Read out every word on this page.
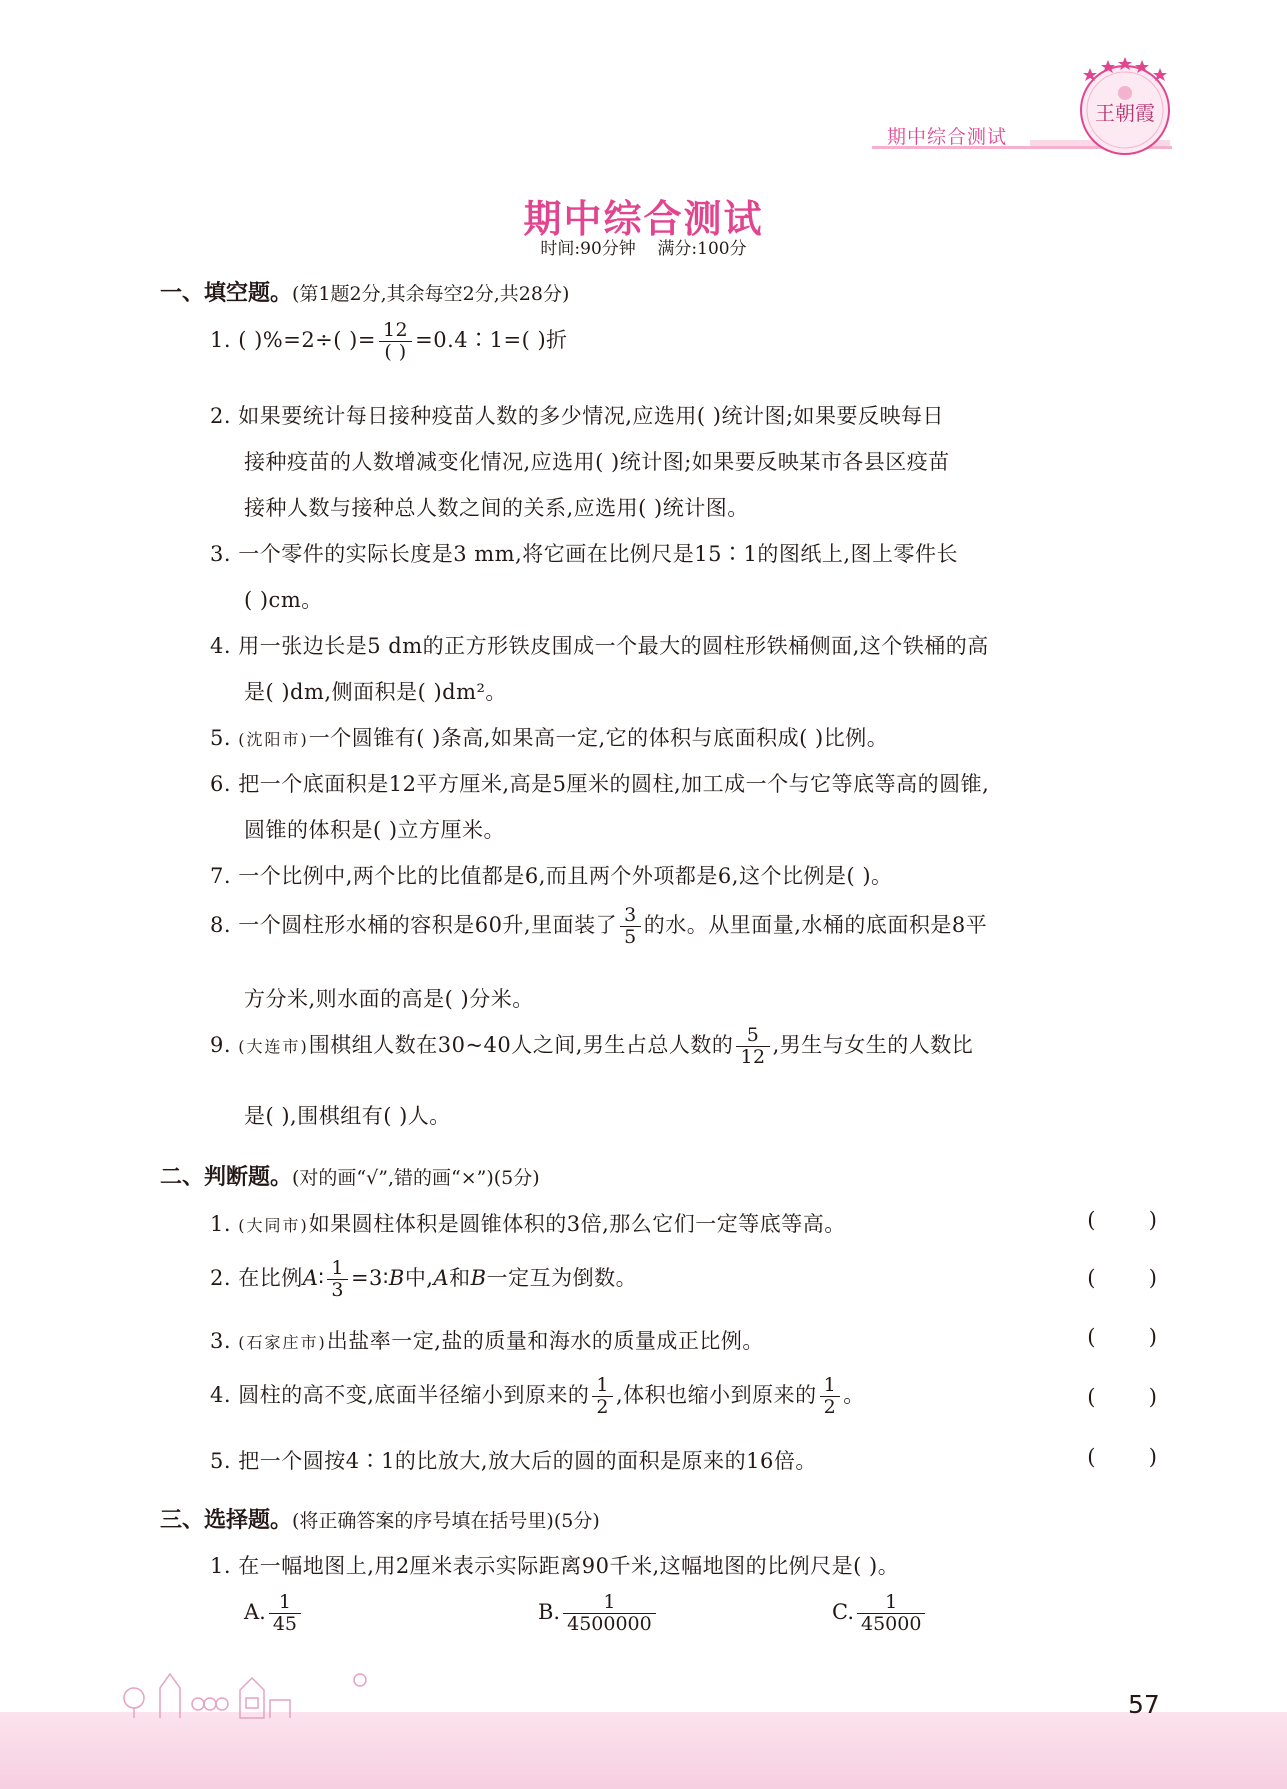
期中综合测试
王朝霞
期中综合测试
时间:90分钟    满分:100分
一、填空题。(第1题2分,其余每空2分,共28分)
1. ( )%=2÷( )= $\frac{12}{( )}$ =0.4∶1=( )折
2. 如果要统计每日接种疫苗人数的多少情况,应选用( )统计图;如果要反映每日
接种疫苗的人数增减变化情况,应选用( )统计图;如果要反映某市各县区疫苗
接种人数与接种总人数之间的关系,应选用( )统计图。
3. 一个零件的实际长度是3 mm,将它画在比例尺是15∶1的图纸上,图上零件长
( )cm。
4. 用一张边长是5 dm的正方形铁皮围成一个最大的圆柱形铁桶侧面,这个铁桶的高
是( )dm,侧面积是( )dm²。
5. (沈阳市)一个圆锥有( )条高,如果高一定,它的体积与底面积成( )比例。
6. 把一个底面积是12平方厘米,高是5厘米的圆柱,加工成一个与它等底等高的圆锥,
圆锥的体积是( )立方厘米。
7. 一个比例中,两个比的比值都是6,而且两个外项都是6,这个比例是( )。
8. 一个圆柱形水桶的容积是60升,里面装了 $\frac{3}{5}$ 的水。从里面量,水桶的底面积是8平
方分米,则水面的高是( )分米。
9. (大连市)围棋组人数在30~40人之间,男生占总人数的 $\frac{5}{12}$ ,男生与女生的人数比
是( ),围棋组有( )人。
二、判断题。(对的画“√”,错的画“×”)(5分)
1. (大同市)如果圆柱体积是圆锥体积的3倍,那么它们一定等底等高。	(        )
2. 在比例A∶ $\frac{1}{3}$ =3∶B中,A和B一定互为倒数。	(        )
3. (石家庄市)出盐率一定,盐的质量和海水的质量成正比例。	(        )
4. 圆柱的高不变,底面半径缩小到原来的 $\frac{1}{2}$ ,体积也缩小到原来的 $\frac{1}{2}$ 。	(        )
5. 把一个圆按4∶1的比放大,放大后的圆的面积是原来的16倍。	(        )
三、选择题。(将正确答案的序号填在括号里)(5分)
1. 在一幅地图上,用2厘米表示实际距离90千米,这幅地图的比例尺是( )。
A. $\frac{1}{45}$	B. $\frac{1}{4500000}$	C. $\frac{1}{45000}$
57
